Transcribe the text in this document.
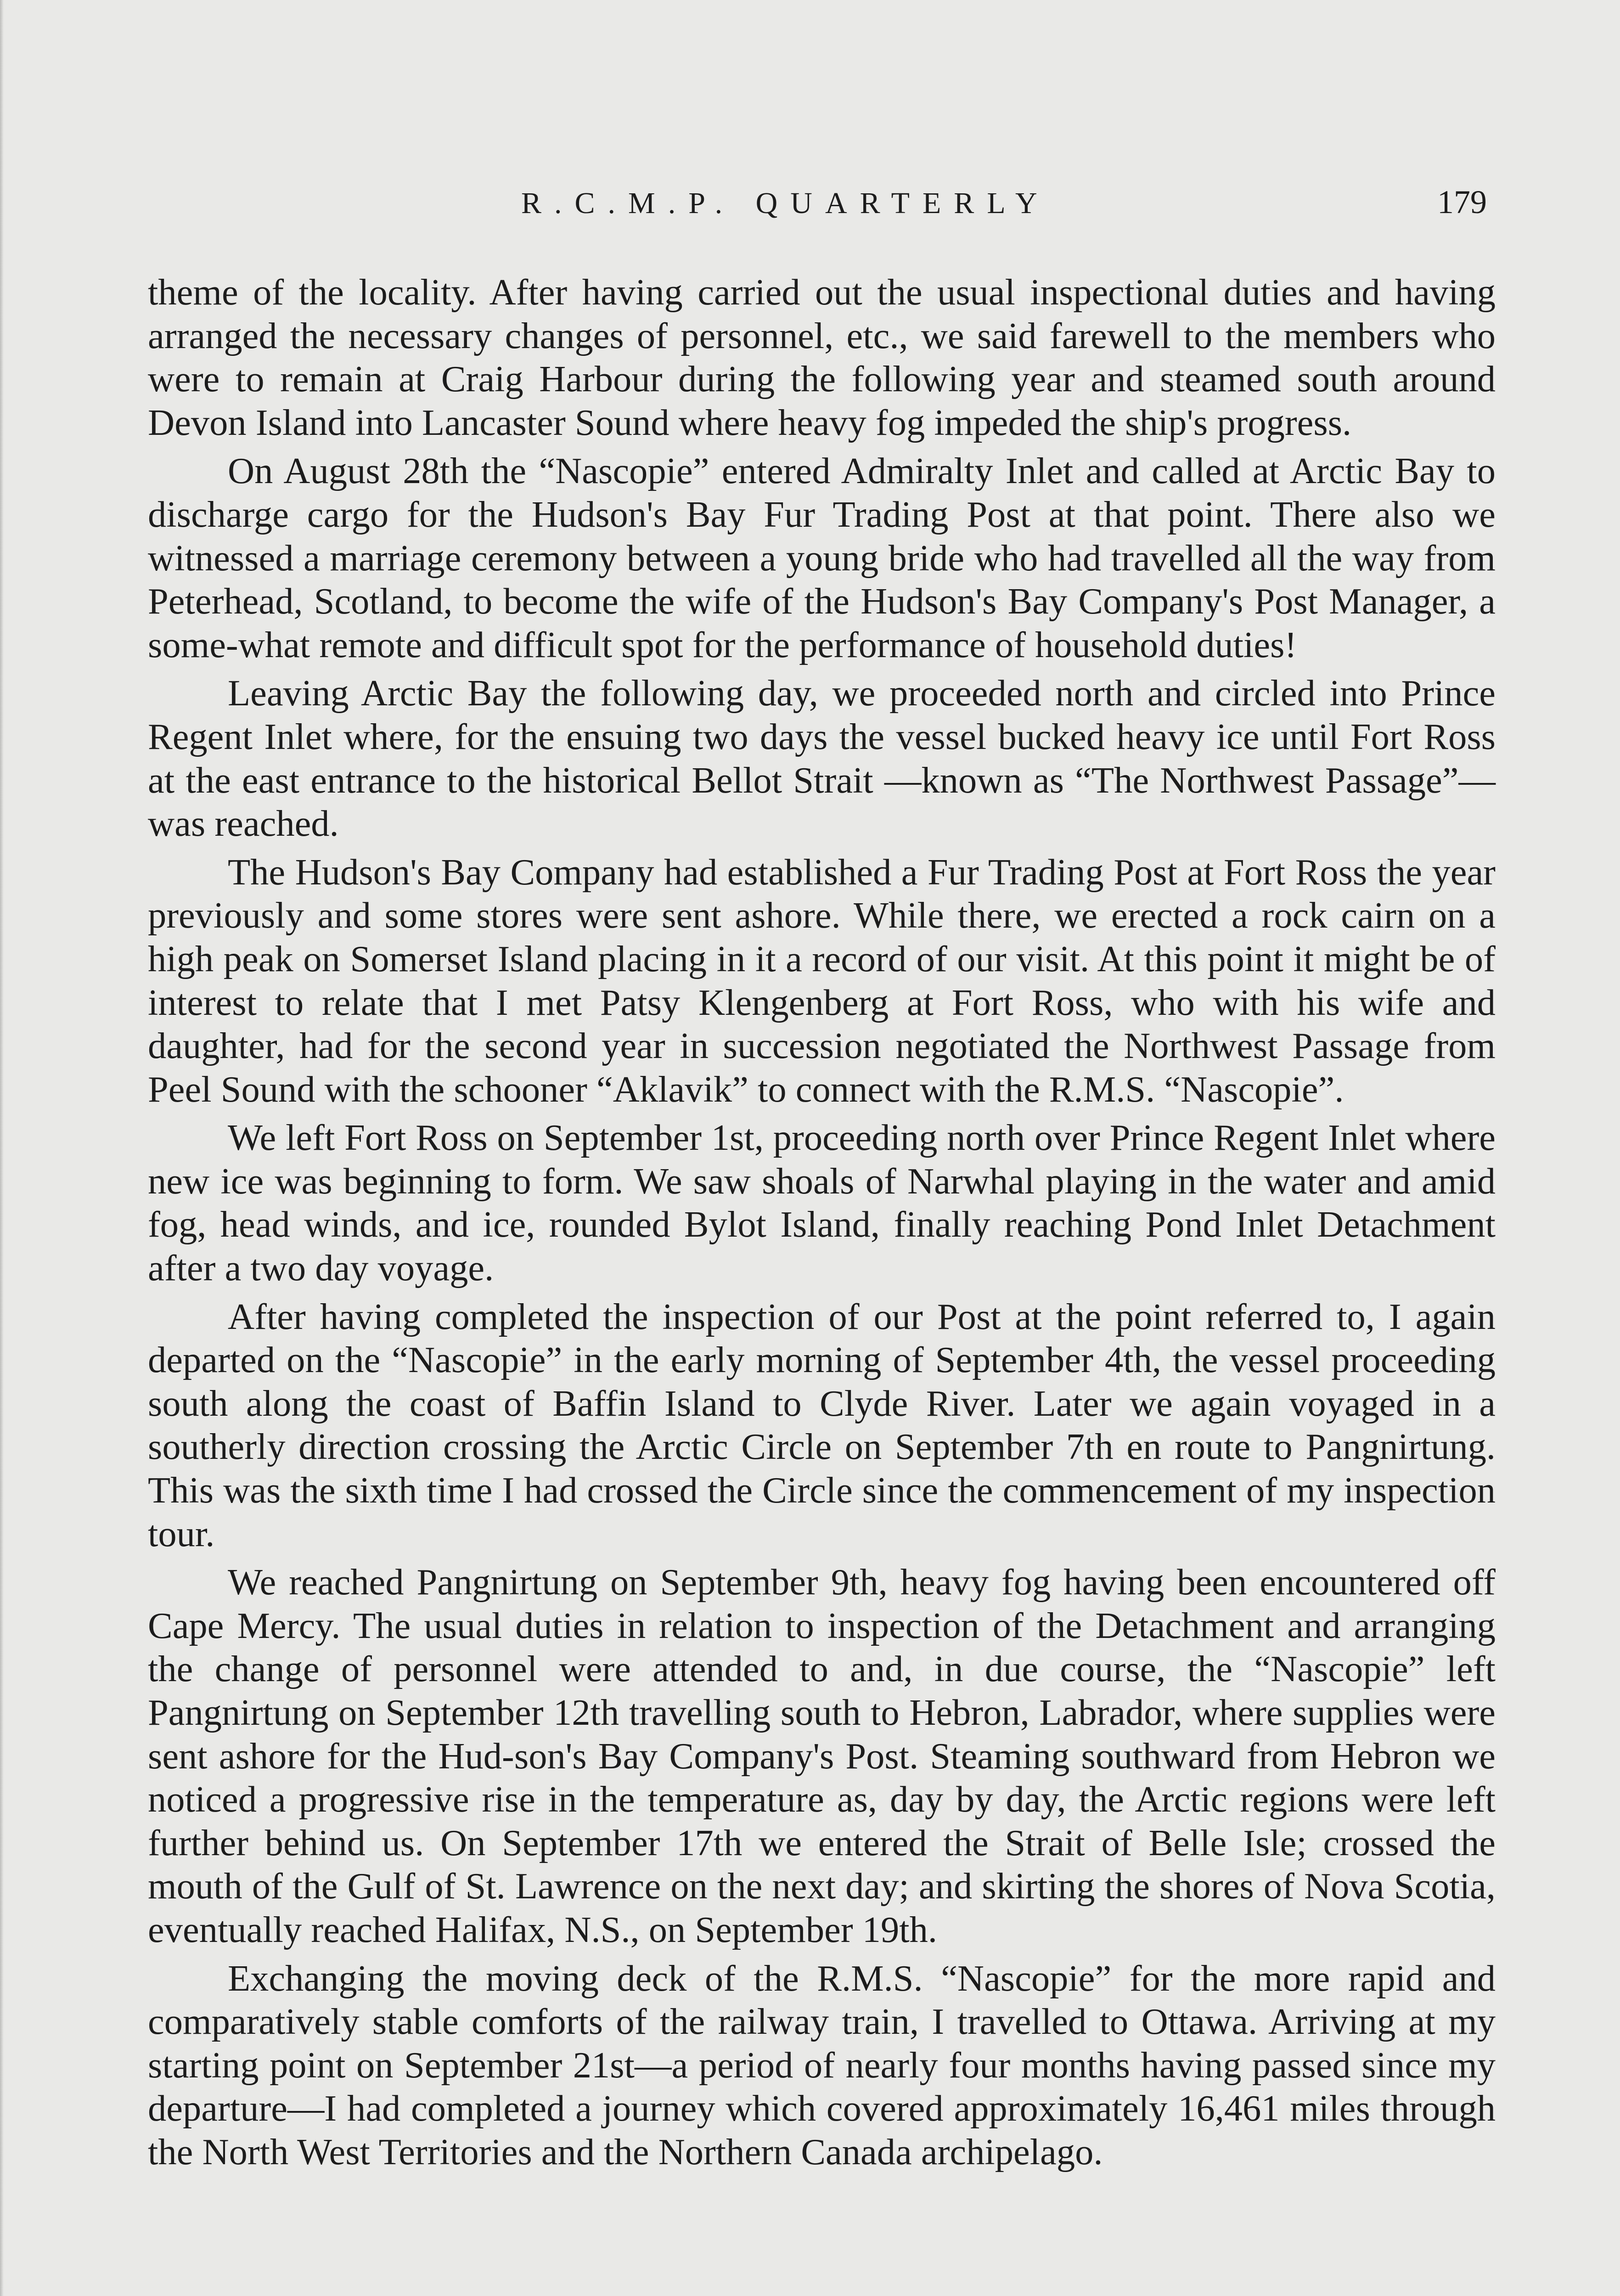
R.C.M.P. QUARTERLY	179

theme of the locality. After having carried out the usual inspectional duties and having arranged the necessary changes of personnel, etc., we said farewell to the members who were to remain at Craig Harbour during the following year and steamed south around Devon Island into Lancaster Sound where heavy fog impeded the ship's progress.

On August 28th the “Nascopie” entered Admiralty Inlet and called at Arctic Bay to discharge cargo for the Hudson's Bay Fur Trading Post at that point. There also we witnessed a marriage ceremony between a young bride who had travelled all the way from Peterhead, Scotland, to become the wife of the Hudson's Bay Company's Post Manager, a some-what remote and difficult spot for the performance of household duties!

Leaving Arctic Bay the following day, we proceeded north and circled into Prince Regent Inlet where, for the ensuing two days the vessel bucked heavy ice until Fort Ross at the east entrance to the historical Bellot Strait —known as “The Northwest Passage”—was reached.

The Hudson's Bay Company had established a Fur Trading Post at Fort Ross the year previously and some stores were sent ashore. While there, we erected a rock cairn on a high peak on Somerset Island placing in it a record of our visit. At this point it might be of interest to relate that I met Patsy Klengenberg at Fort Ross, who with his wife and daughter, had for the second year in succession negotiated the Northwest Passage from Peel Sound with the schooner “Aklavik” to connect with the R.M.S. “Nascopie”.

We left Fort Ross on September 1st, proceeding north over Prince Regent Inlet where new ice was beginning to form. We saw shoals of Narwhal playing in the water and amid fog, head winds, and ice, rounded Bylot Island, finally reaching Pond Inlet Detachment after a two day voyage.

After having completed the inspection of our Post at the point referred to, I again departed on the “Nascopie” in the early morning of September 4th, the vessel proceeding south along the coast of Baffin Island to Clyde River. Later we again voyaged in a southerly direction crossing the Arctic Circle on September 7th en route to Pangnirtung. This was the sixth time I had crossed the Circle since the commencement of my inspection tour.

We reached Pangnirtung on September 9th, heavy fog having been encountered off Cape Mercy. The usual duties in relation to inspection of the Detachment and arranging the change of personnel were attended to and, in due course, the “Nascopie” left Pangnirtung on September 12th travelling south to Hebron, Labrador, where supplies were sent ashore for the Hud-son's Bay Company's Post. Steaming southward from Hebron we noticed a progressive rise in the temperature as, day by day, the Arctic regions were left further behind us. On September 17th we entered the Strait of Belle Isle; crossed the mouth of the Gulf of St. Lawrence on the next day; and skirting the shores of Nova Scotia, eventually reached Halifax, N.S., on September 19th.

Exchanging the moving deck of the R.M.S. “Nascopie” for the more rapid and comparatively stable comforts of the railway train, I travelled to Ottawa. Arriving at my starting point on September 21st—a period of nearly four months having passed since my departure—I had completed a journey which covered approximately 16,461 miles through the North West Territories and the Northern Canada archipelago.
